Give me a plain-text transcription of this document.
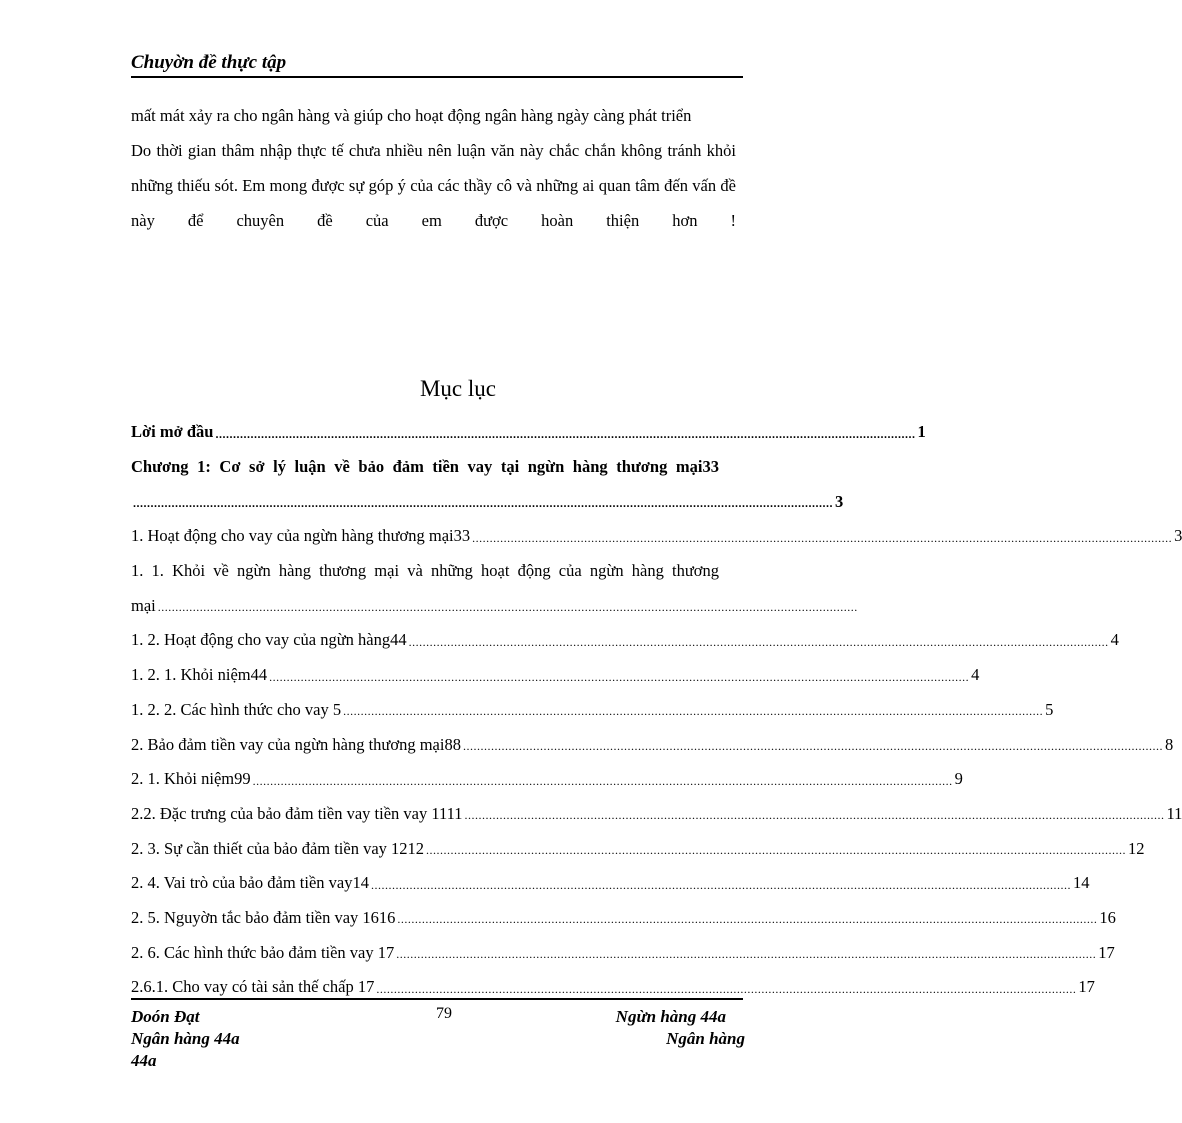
Chuyờn đề thực tập

mất mát xảy ra cho ngân hàng và giúp cho hoạt động ngân hàng ngày càng phát triển

Do thời gian thâm nhập thực tế chưa nhiều nên luận văn này chắc chắn không tránh khỏi những thiếu sót. Em mong được sự góp ý của các thầy cô và những ai quan tâm đến vấn đề này để chuyên đề của em được hoàn thiện hơn !

Mục lục
Lời mở đầu ........................................................................................................................................................................................................ 1
Chương 1: Cơ sở lý luận về bảo đảm tiền vay tại ngừn hàng thương mại33
........................................................................................................................................................................................................ 3
1. Hoạt động cho vay của ngừn hàng thương mại33 ........................................................................................................................................................................................................ 3
1. 1. Khỏi về ngừn hàng thương mại và những hoạt động của ngừn hàng thương
mại ........................................................................................................................................................................................................
1. 2. Hoạt động cho vay của ngừn hàng44 ........................................................................................................................................................................................................ 4
1. 2. 1. Khỏi niệm44 ........................................................................................................................................................................................................ 4
1. 2. 2. Các hình thức cho vay 5 ........................................................................................................................................................................................................ 5
2. Bảo đảm tiền vay của ngừn hàng thương mại88 ........................................................................................................................................................................................................ 8
2. 1. Khỏi niệm99 ........................................................................................................................................................................................................ 9
2.2. Đặc trưng của bảo đảm tiền vay tiền vay 1111 ........................................................................................................................................................................................................ 11
2. 3. Sự cần thiết của bảo đảm tiền vay 1212 ........................................................................................................................................................................................................ 12
2. 4. Vai trò của bảo đảm tiền vay14 ........................................................................................................................................................................................................ 14
2. 5. Nguyờn tắc bảo đảm tiền vay 1616 ........................................................................................................................................................................................................ 16
2. 6. Các hình thức bảo đảm tiền vay 17 ........................................................................................................................................................................................................ 17
2.6.1. Cho vay có tài sản thế chấp 17 ........................................................................................................................................................................................................ 17
79
Doón Đạt
Ngân hàng 44a
44a
Ngừn hàng 44a
Ngân hàng
